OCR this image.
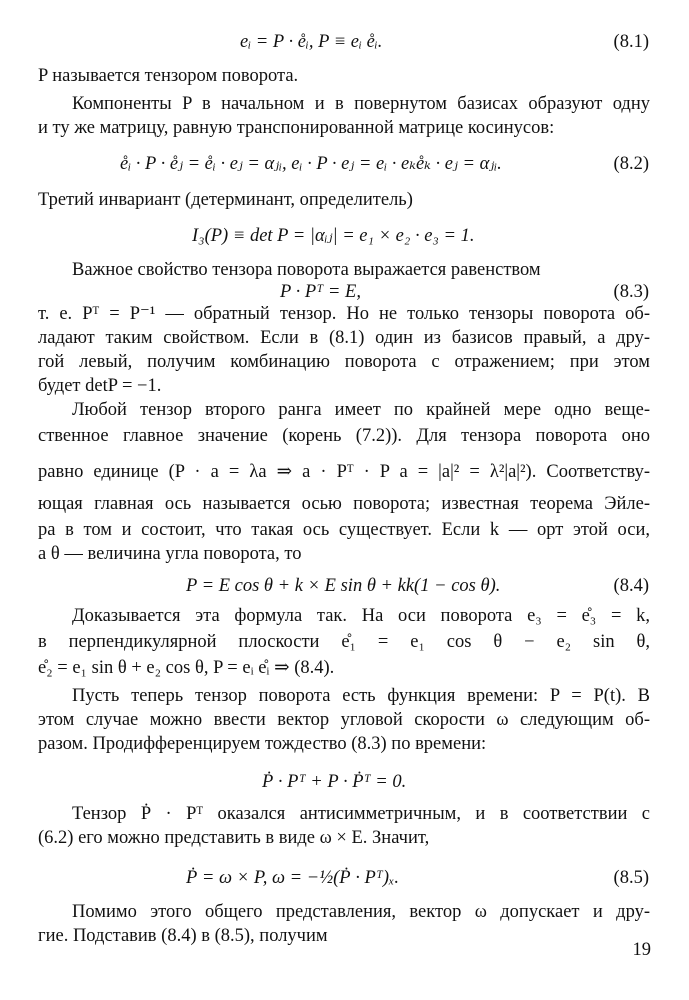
eᵢ = P · e̊ᵢ, P ≡ eᵢ e̊ᵢ.	(8.1)
P называется тензором поворота.
Компоненты P в начальном и в повернутом базисах образуют одну
и ту же матрицу, равную транспонированной матрице косинусов:
e̊ᵢ · P · e̊ⱼ = e̊ᵢ · eⱼ = αⱼᵢ, eᵢ · P · eⱼ = eᵢ · eₖe̊ₖ · eⱼ = αⱼᵢ.	(8.2)
Третий инвариант (детерминант, определитель)
I₃(P) ≡ det P = |αᵢⱼ| = e₁ × e₂ · e₃ = 1.
Важное свойство тензора поворота выражается равенством
P · Pᵀ = E,	(8.3)
т. е. Pᵀ = P⁻¹ — обратный тензор. Но не только тензоры поворота об-
ладают таким свойством. Если в (8.1) один из базисов правый, а дру-
гой левый, получим комбинацию поворота с отражением; при этом
будет detP = −1.
Любой тензор второго ранга имеет по крайней мере одно веще-
ственное главное значение (корень (7.2)). Для тензора поворота оно
равно единице (P · a = λa ⇒ a · Pᵀ · P a = |a|² = λ²|a|²). Соответству-
ющая главная ось называется осью поворота; известная теорема Эйле-
ра в том и состоит, что такая ось существует. Если k — орт этой оси,
а θ — величина угла поворота, то
P = E cos θ + k × E sin θ + kk(1 − cos θ).	(8.4)
Доказывается эта формула так. На оси поворота e₃ = e̊₃ = k,
в перпендикулярной плоскости e̊₁ = e₁ cos θ − e₂ sin θ,
e̊₂ = e₁ sin θ + e₂ cos θ, P = eᵢ e̊ᵢ ⇒ (8.4).
Пусть теперь тензор поворота есть функция времени: P = P(t). В
этом случае можно ввести вектор угловой скорости ω следующим об-
разом. Продифференцируем тождество (8.3) по времени:
Ṗ · Pᵀ + P · Ṗᵀ = 0.
Тензор Ṗ · Pᵀ оказался антисимметричным, и в соответствии с
(6.2) его можно представить в виде ω × E. Значит,
Ṗ = ω × P, ω = −½(Ṗ · Pᵀ)ₓ.	(8.5)
Помимо этого общего представления, вектор ω допускает и дру-
гие. Подставив (8.4) в (8.5), получим
19
